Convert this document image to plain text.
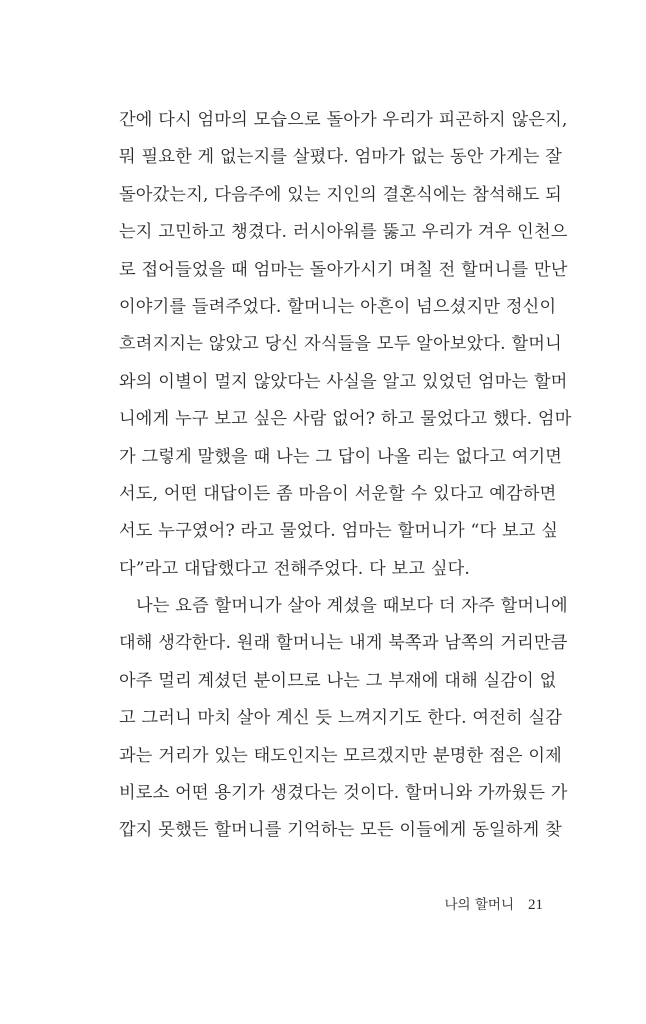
간에 다시 엄마의 모습으로 돌아가 우리가 피곤하지 않은지,
뭐 필요한 게 없는지를 살폈다. 엄마가 없는 동안 가게는 잘
돌아갔는지, 다음주에 있는 지인의 결혼식에는 참석해도 되
는지 고민하고 챙겼다. 러시아워를 뚫고 우리가 겨우 인천으
로 접어들었을 때 엄마는 돌아가시기 며칠 전 할머니를 만난
이야기를 들려주었다. 할머니는 아흔이 넘으셨지만 정신이
흐려지지는 않았고 당신 자식들을 모두 알아보았다. 할머니
와의 이별이 멀지 않았다는 사실을 알고 있었던 엄마는 할머
니에게 누구 보고 싶은 사람 없어? 하고 물었다고 했다. 엄마
가 그렇게 말했을 때 나는 그 답이 나올 리는 없다고 여기면
서도, 어떤 대답이든 좀 마음이 서운할 수 있다고 예감하면
서도 누구였어? 라고 물었다. 엄마는 할머니가 “다 보고 싶
다”라고 대답했다고 전해주었다. 다 보고 싶다.
나는 요즘 할머니가 살아 계셨을 때보다 더 자주 할머니에
대해 생각한다. 원래 할머니는 내게 북쪽과 남쪽의 거리만큼
아주 멀리 계셨던 분이므로 나는 그 부재에 대해 실감이 없
고 그러니 마치 살아 계신 듯 느껴지기도 한다. 여전히 실감
과는 거리가 있는 태도인지는 모르겠지만 분명한 점은 이제
비로소 어떤 용기가 생겼다는 것이다. 할머니와 가까웠든 가
깝지 못했든 할머니를 기억하는 모든 이들에게 동일하게 찾
나의 할머니 21
